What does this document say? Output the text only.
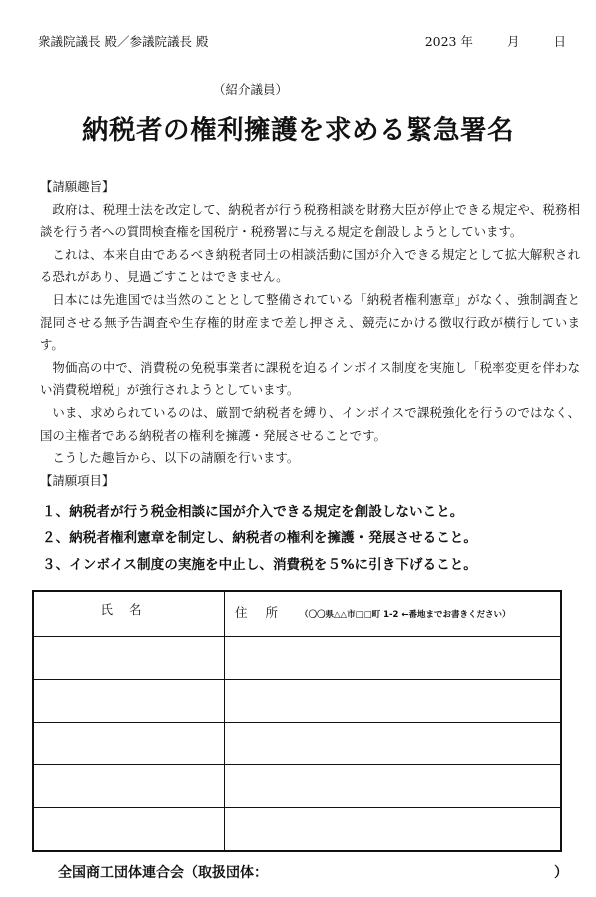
衆議院議長 殿／参議院議長 殿	2023 年	月	日
（紹介議員）
納税者の権利擁護を求める緊急署名
【請願趣旨】

政府は、税理士法を改定して、納税者が行う税務相談を財務大臣が停止できる規定や、税務相談を行う者への質問検査権を国税庁・税務署に与える規定を創設しようとしています。

これは、本来自由であるべき納税者同士の相談活動に国が介入できる規定として拡大解釈される恐れがあり、見過ごすことはできません。

日本には先進国では当然のこととして整備されている「納税者権利憲章」がなく、強制調査と混同させる無予告調査や生存権的財産まで差し押さえ、競売にかける徴収行政が横行しています。

物価高の中で、消費税の免税事業者に課税を迫るインボイス制度を実施し「税率変更を伴わない消費税増税」が強行されようとしています。

いま、求められているのは、厳罰で納税者を縛り、インボイスで課税強化を行うのではなく、国の主権者である納税者の権利を擁護・発展させることです。

こうした趣旨から、以下の請願を行います。

【請願項目】
１、納税者が行う税金相談に国が介入できる規定を創設しないこと。
２、納税者権利憲章を制定し、納税者の権利を擁護・発展させること。
３、インボイス制度の実施を中止し、消費税を５%に引き下げること。
氏名	住所 （〇〇県△△市□□町 1-2 ←番地までお書きください）

全国商工団体連合会（取扱団体：	）
